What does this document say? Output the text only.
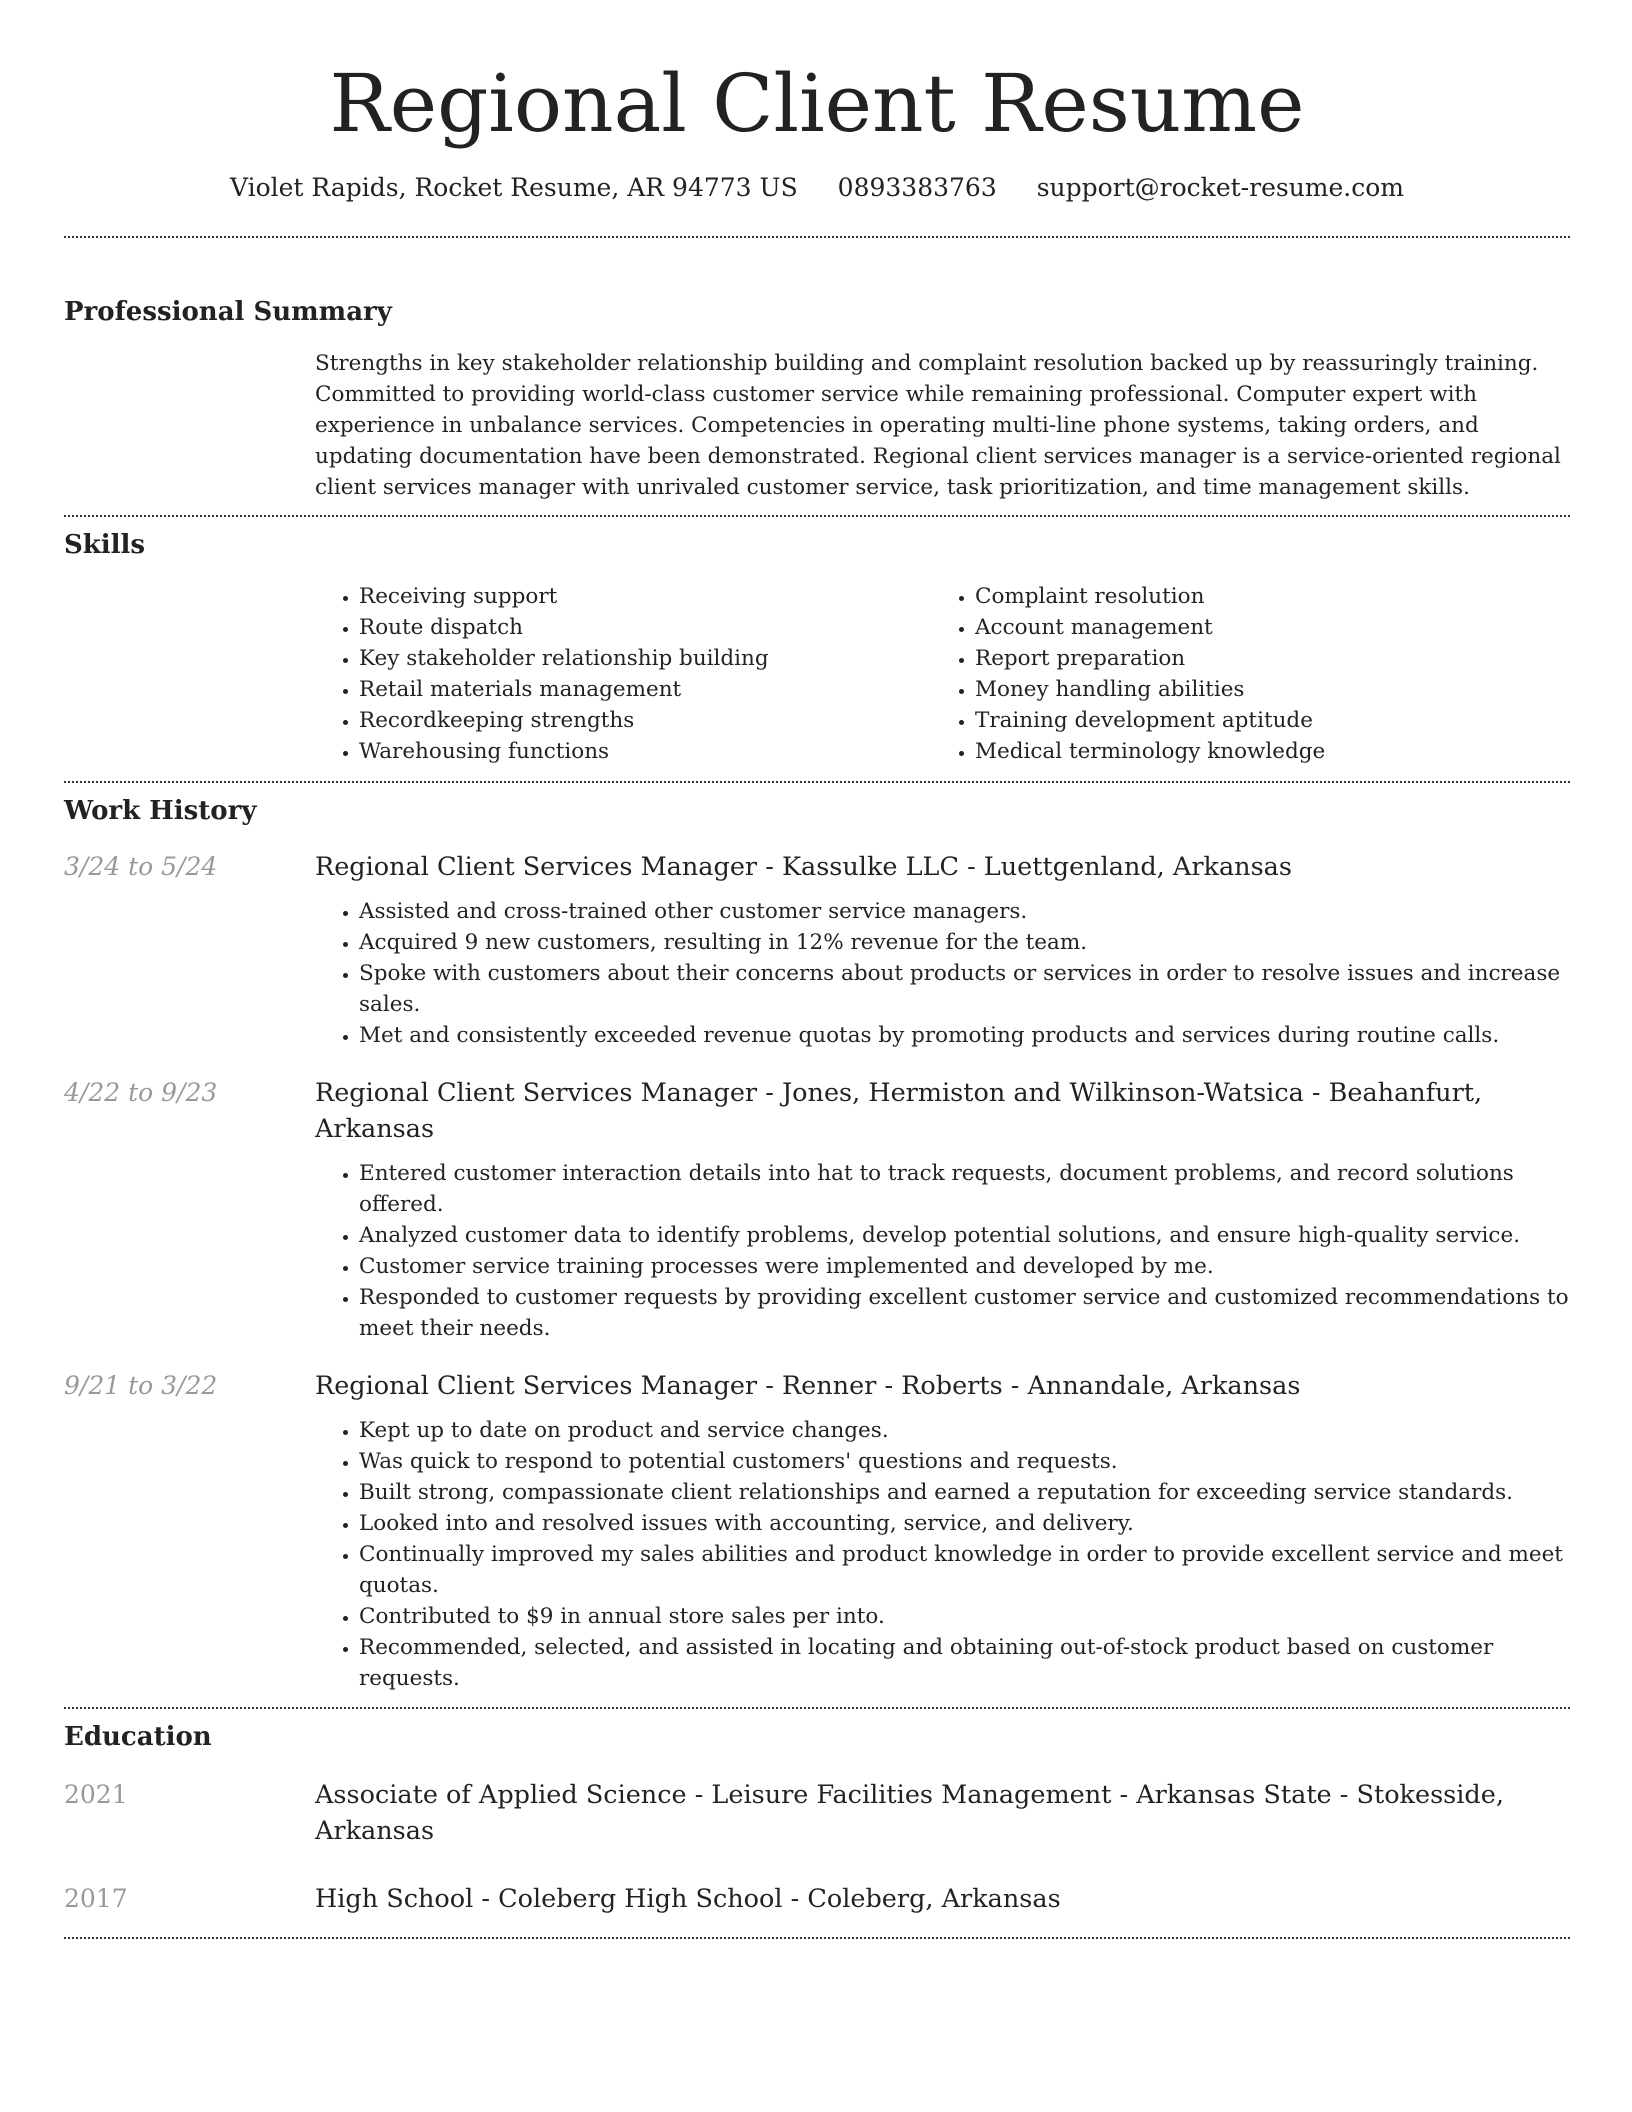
Regional Client Resume
Violet Rapids, Rocket Resume, AR 94773 US 0893383763 support@rocket-resume.com
Professional Summary

Strengths in key stakeholder relationship building and complaint resolution backed up by reassuringly training. Committed to providing world-class customer service while remaining professional. Computer expert with experience in unbalance services. Competencies in operating multi-line phone systems, taking orders, and updating documentation have been demonstrated. Regional client services manager is a service-oriented regional client services manager with unrivaled customer service, task prioritization, and time management skills.

Skills
• Receiving support
• Route dispatch
• Key stakeholder relationship building
• Retail materials management
• Recordkeeping strengths
• Warehousing functions
• Complaint resolution
• Account management
• Report preparation
• Money handling abilities
• Training development aptitude
• Medical terminology knowledge
Work History
3/24 to 5/24	Regional Client Services Manager - Kassulke LLC - Luettgenland, Arkansas
• Assisted and cross-trained other customer service managers.
• Acquired 9 new customers, resulting in 12% revenue for the team.
• Spoke with customers about their concerns about products or services in order to resolve issues and increase sales.
• Met and consistently exceeded revenue quotas by promoting products and services during routine calls.
4/22 to 9/23	Regional Client Services Manager - Jones, Hermiston and Wilkinson-Watsica - Beahanfurt, Arkansas
• Entered customer interaction details into hat to track requests, document problems, and record solutions offered.
• Analyzed customer data to identify problems, develop potential solutions, and ensure high-quality service.
• Customer service training processes were implemented and developed by me.
• Responded to customer requests by providing excellent customer service and customized recommendations to meet their needs.
9/21 to 3/22	Regional Client Services Manager - Renner - Roberts - Annandale, Arkansas
• Kept up to date on product and service changes.
• Was quick to respond to potential customers' questions and requests.
• Built strong, compassionate client relationships and earned a reputation for exceeding service standards.
• Looked into and resolved issues with accounting, service, and delivery.
• Continually improved my sales abilities and product knowledge in order to provide excellent service and meet quotas.
• Contributed to $9 in annual store sales per into.
• Recommended, selected, and assisted in locating and obtaining out-of-stock product based on customer requests.
Education
2021	Associate of Applied Science - Leisure Facilities Management - Arkansas State - Stokesside, Arkansas
2017	High School - Coleberg High School - Coleberg, Arkansas
